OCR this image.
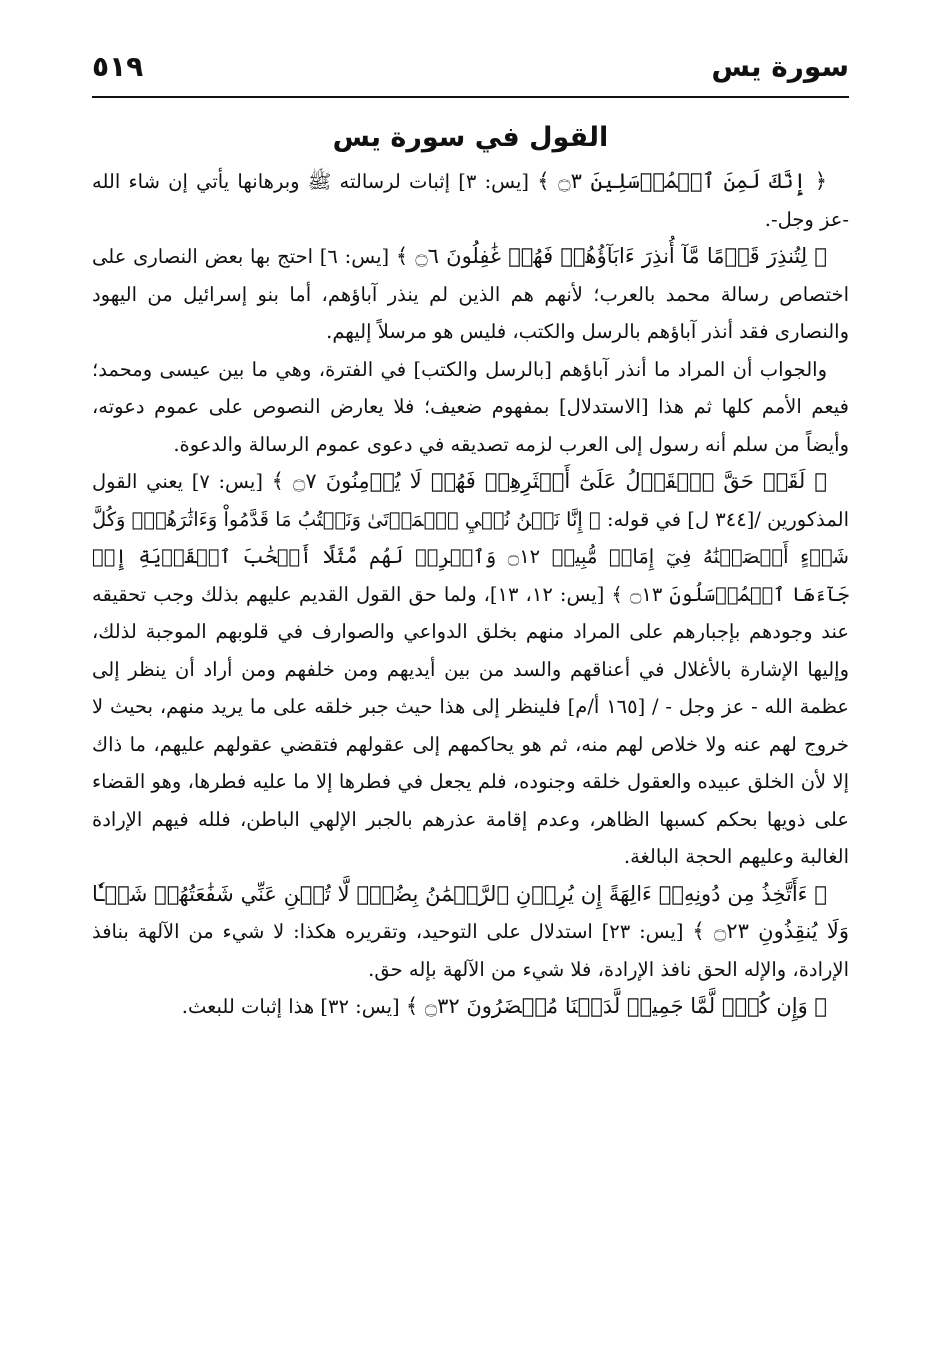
سورة يس
٥١٩
القول في سورة يس

﴿ إِنَّكَ لَمِنَ ٱلۡمُرۡسَلِينَ ۝٣ ﴾ [يس: ٣] إثبات لرسالته ﷺ وبرهانها يأتي إن شاء الله -عز وجل-.

﴿ لِتُنذِرَ قَوۡمًا مَّآ أُنذِرَ ءَابَآؤُهُمۡ فَهُمۡ غَٰفِلُونَ ۝٦ ﴾ [يس: ٦] احتج بها بعض النصارى على اختصاص رسالة محمد بالعرب؛ لأنهم هم الذين لم ينذر آباؤهم، أما بنو إسرائيل من اليهود والنصارى فقد أنذر آباؤهم بالرسل والكتب، فليس هو مرسلاً إليهم.

والجواب أن المراد ما أنذر آباؤهم [بالرسل والكتب] في الفترة، وهي ما بين عيسى ومحمد؛ فيعم الأمم كلها ثم هذا [الاستدلال] بمفهوم ضعيف؛ فلا يعارض النصوص على عموم دعوته، وأيضاً من سلم أنه رسول إلى العرب لزمه تصديقه في دعوى عموم الرسالة والدعوة.

﴿ لَقَدۡ حَقَّ ٱلۡقَوۡلُ عَلَىٰٓ أَكۡثَرِهِمۡ فَهُمۡ لَا يُؤۡمِنُونَ ۝٧ ﴾ [يس: ٧] يعني القول المذكورين /[٣٤٤ ل] في قوله: ﴿ إِنَّا نَحۡنُ نُحۡيِ ٱلۡمَوۡتَىٰ وَنَكۡتُبُ مَا قَدَّمُواْ وَءَاثَٰرَهُمۡۚ وَكُلَّ شَيۡءٍ أَحۡصَيۡنَٰهُ فِيٓ إِمَامٖ مُّبِينٖ ۝١٢ وَٱضۡرِبۡ لَهُم مَّثَلًا أَصۡحَٰبَ ٱلۡقَرۡيَةِ إِذۡ جَآءَهَا ٱلۡمُرۡسَلُونَ ۝١٣ ﴾ [يس: ١٢، ١٣]، ولما حق القول القديم عليهم بذلك وجب تحقيقه عند وجودهم بإجبارهم على المراد منهم بخلق الدواعي والصوارف في قلوبهم الموجبة لذلك، وإليها الإشارة بالأغلال في أعناقهم والسد من بين أيديهم ومن خلفهم ومن أراد أن ينظر إلى عظمة الله - عز وجل - / [١٦٥ أ/م] فلينظر إلى هذا حيث جبر خلقه على ما يريد منهم، بحيث لا خروج لهم عنه ولا خلاص لهم منه، ثم هو يحاكمهم إلى عقولهم فتقضي عقولهم عليهم، ما ذاك إلا لأن الخلق عبيده والعقول خلقه وجنوده، فلم يجعل في فطرها إلا ما عليه فطرها، وهو القضاء على ذويها بحكم كسبها الظاهر، وعدم إقامة عذرهم بالجبر الإلهي الباطن، فلله فيهم الإرادة الغالبة وعليهم الحجة البالغة.

﴿ ءَأَتَّخِذُ مِن دُونِهِۦٓ ءَالِهَةً إِن يُرِدۡنِ ٱلرَّحۡمَٰنُ بِضُرّٖ لَّا تُغۡنِ عَنِّي شَفَٰعَتُهُمۡ شَيۡـٔٗا وَلَا يُنقِذُونِ ۝٢٣ ﴾ [يس: ٢٣] استدلال على التوحيد، وتقريره هكذا: لا شيء من الآلهة بنافذ الإرادة، والإله الحق نافذ الإرادة، فلا شيء من الآلهة بإله حق.

﴿ وَإِن كُلّٞ لَّمَّا جَمِيعٞ لَّدَيۡنَا مُحۡضَرُونَ ۝٣٢ ﴾ [يس: ٣٢] هذا إثبات للبعث.
